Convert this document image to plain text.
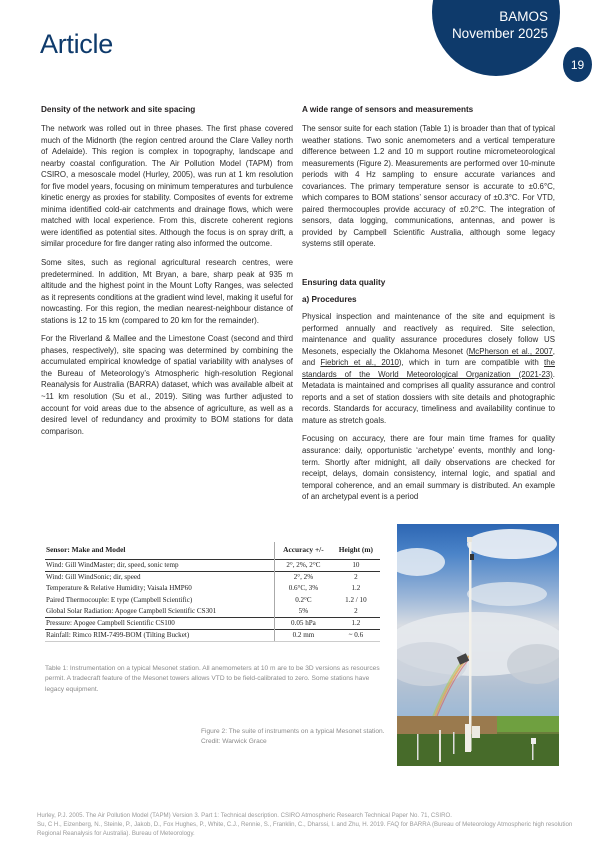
BAMOS
November 2025
19
Article
Density of the network and site spacing

The network was rolled out in three phases. The first phase covered much of the Midnorth (the region centred around the Clare Valley north of Adelaide). This region is complex in topography, landscape and nearby coastal configuration. The Air Pollution Model (TAPM) from CSIRO, a mesoscale model (Hurley, 2005), was run at 1 km resolution for five model years, focusing on minimum temperatures and turbulence kinetic energy as proxies for stability. Composites of events for extreme minima identified cold-air catchments and drainage flows, which were matched with local experience. From this, discrete coherent regions were identified as potential sites. Although the focus is on spray drift, a similar procedure for fire danger rating also informed the outcome.

Some sites, such as regional agricultural research centres, were predetermined. In addition, Mt Bryan, a bare, sharp peak at 935 m altitude and the highest point in the Mount Lofty Ranges, was selected as it represents conditions at the gradient wind level, making it useful for nowcasting. For this region, the median nearest-neighbour distance of stations is 12 to 15 km (compared to 20 km for the remainder).

For the Riverland & Mallee and the Limestone Coast (second and third phases, respectively), site spacing was determined by combining the accumulated empirical knowledge of spatial variability with analyses of the Bureau of Meteorology’s Atmospheric high-resolution Regional Reanalysis for Australia (BARRA) dataset, which was available albeit at ~11 km resolution (Su et al., 2019). Siting was further adjusted to account for void areas due to the absence of agriculture, as well as a desired level of redundancy and proximity to BOM stations for data comparison.

A wide range of sensors and measurements

The sensor suite for each station (Table 1) is broader than that of typical weather stations. Two sonic anemometers and a vertical temperature difference between 1.2 and 10 m support routine micrometeorological measurements (Figure 2). Measurements are performed over 10-minute periods with 4 Hz sampling to ensure accurate variances and covariances. The primary temperature sensor is accurate to ±0.6°C, which compares to BOM stations’ sensor accuracy of ±0.3°C. For VTD, paired thermocouples provide accuracy of ±0.2°C. The integration of sensors, data logging, communications, antennas, and power is provided by Campbell Scientific Australia, although some legacy systems still operate.

Ensuring data quality
a) Procedures

Physical inspection and maintenance of the site and equipment is performed annually and reactively as required. Site selection, maintenance and quality assurance procedures closely follow US Mesonets, especially the Oklahoma Mesonet (McPherson et al., 2007, and Fiebrich et al., 2010), which in turn are compatible with the standards of the World Meteorological Organization (2021-23). Metadata is maintained and comprises all quality assurance and control reports and a set of station dossiers with site details and photographic records. Standards for accuracy, timeliness and availability continue to mature as stretch goals.

Focusing on accuracy, there are four main time frames for quality assurance: daily, opportunistic ‘archetype’ events, monthly and long-term. Shortly after midnight, all daily observations are checked for receipt, delays, domain consistency, internal logic, and spatial and temporal coherence, and an email summary is distributed. An example of an archetypal event is a period

Sensor: Make and Model	Accuracy +/-	Height (m)
Wind: Gill WindMaster; dir, speed, sonic temp	2°, 2%, 2°C	10
Wind: Gill WindSonic; dir, speed	2°, 2%	2
Temperature & Relative Humidity; Vaisala HMP60	0.6°C, 3%	1.2
Paired Thermocouple: E type (Campbell Scientific)	0.2°C	1.2 / 10
Global Solar Radiation: Apogee Campbell Scientific CS301	5%	2
Pressure: Apogee Campbell Scientific CS100	0.05 hPa	1.2
Rainfall: Rimco RIM-7499-BOM (Tilting Bucket)	0.2 mm	~ 0.6
Table 1: Instrumentation on a typical Mesonet station. All anemometers at 10 m are to be 3D versions as resources permit. A tradecraft feature of the Mesonet towers allows VTD to be field-calibrated to zero. Some stations have legacy equipment.
Figure 2: The suite of instruments on a typical Mesonet station. Credit: Warwick Grace
Hurley, P.J. 2005. The Air Pollution Model (TAPM) Version 3. Part 1: Technical description. CSIRO Atmospheric Research Technical Paper No. 71, CSIRO.
Su, C H., Eizenberg, N., Steinle, P., Jakob, D., Fox Hughes, P., White, C.J., Rennie, S., Franklin, C., Dharssi, I. and Zhu, H. 2019. FAQ for BARRA (Bureau of Meteorology Atmospheric high resolution Regional Reanalysis for Australia). Bureau of Meteorology.
